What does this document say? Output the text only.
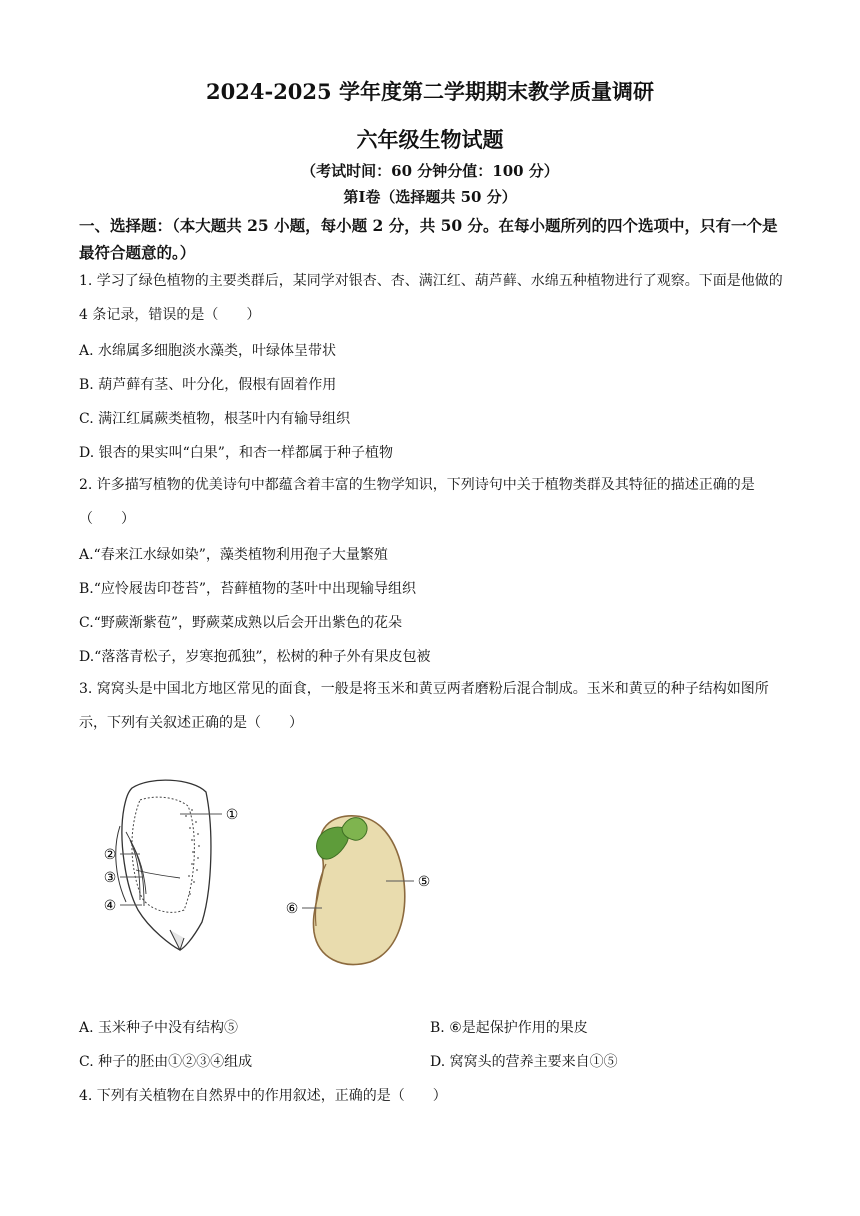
2024-2025 学年度第二学期期末教学质量调研
六年级生物试题
（考试时间：60 分钟分值：100 分）
第Ⅰ卷（选择题共 50 分）
一、选择题：（本大题共 25 小题，每小题 2 分，共 50 分。在每小题所列的四个选项中，只有一个是最符合题意的。）
1. 学习了绿色植物的主要类群后，某同学对银杏、杏、满江红、葫芦藓、水绵五种植物进行了观察。下面是他做的 4 条记录，错误的是（　　）
A. 水绵属多细胞淡水藻类，叶绿体呈带状
B. 葫芦藓有茎、叶分化，假根有固着作用
C. 满江红属蕨类植物，根茎叶内有输导组织
D. 银杏的果实叫“白果”，和杏一样都属于种子植物
2. 许多描写植物的优美诗句中都蕴含着丰富的生物学知识，下列诗句中关于植物类群及其特征的描述正确的是（　　）
A.“春来江水绿如染”，藻类植物利用孢子大量繁殖
B.“应怜屐齿印苍苔”，苔藓植物的茎叶中出现输导组织
C.“野蕨渐紫苞”，野蕨菜成熟以后会开出紫色的花朵
D.“落落青松子，岁寒抱孤独”，松树的种子外有果皮包被
3. 窝窝头是中国北方地区常见的面食，一般是将玉米和黄豆两者磨粉后混合制成。玉米和黄豆的种子结构如图所示，下列有关叙述正确的是（　　）
①
②
③
④
⑤
⑥
A. 玉米种子中没有结构⑤	B. ⑥是起保护作用的果皮
C. 种子的胚由①②③④组成	D. 窝窝头的营养主要来自①⑤
4. 下列有关植物在自然界中的作用叙述，正确的是（　　）
